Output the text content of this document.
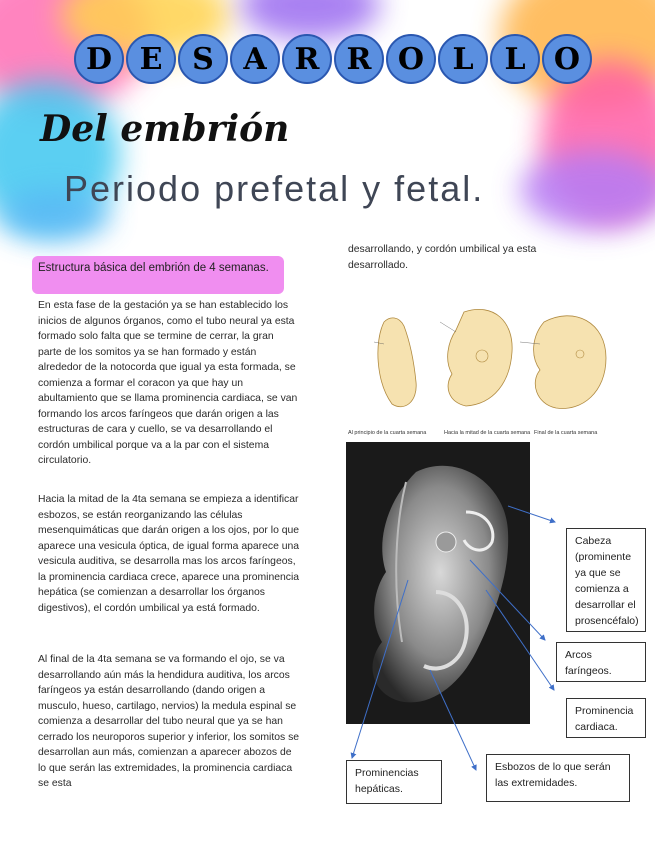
D E S A R R O L	L O
Del embrión
Periodo prefetal y fetal.
Estructura básica del embrión de 4 semanas.

En esta fase de la gestación ya se han establecido los inicios de algunos órganos, como el tubo neural ya esta formado solo falta que se termine de cerrar, la gran parte de los somitos ya se han formado y están alrededor de la notocorda que igual ya esta formada, se comienza a formar el coracon ya que hay un abultamiento que se llama prominencia cardiaca, se van formando los arcos faríngeos que darán origen a las estructuras de cara y cuello, se va desarrollando el cordón umbilical porque va a la par con el sistema circulatorio.

Hacia la mitad de la 4ta semana se empieza a identificar esbozos, se están reorganizando las células mesenquimáticas que darán origen a los ojos, por lo que aparece una vesicula óptica, de igual forma aparece una vesicula auditiva, se desarrolla mas los arcos faríngeos, la prominencia cardiaca crece, aparece una prominencia hepática (se comienzan a desarrollar los órganos digestivos), el cordón umbilical ya está formado.

Al final de la 4ta semana se va formando el ojo, se va desarrollando aún más la hendidura auditiva, los arcos faríngeos ya están desarrollando (dando origen a musculo, hueso, cartilago, nervios) la medula espinal se comienza a desarrollar del tubo neural que ya se han cerrado los neuroporos superior y inferior, los somitos se desarrollan aun más, comienzan a aparecer abozos de lo que serán las extremidades, la prominencia cardiaca se esta

desarrollando, y cordón umbilical ya esta desarrollado.
Al principio de la cuarta semana	Hacia la mitad de la cuarta semana Final de la cuarta semana
Cabeza (prominente ya que se comienza a desarrollar el prosencéfalo)
Arcos faríngeos.
Prominencia cardiaca.
Esbozos de lo que serán las extremidades.
Prominencias hepáticas.
